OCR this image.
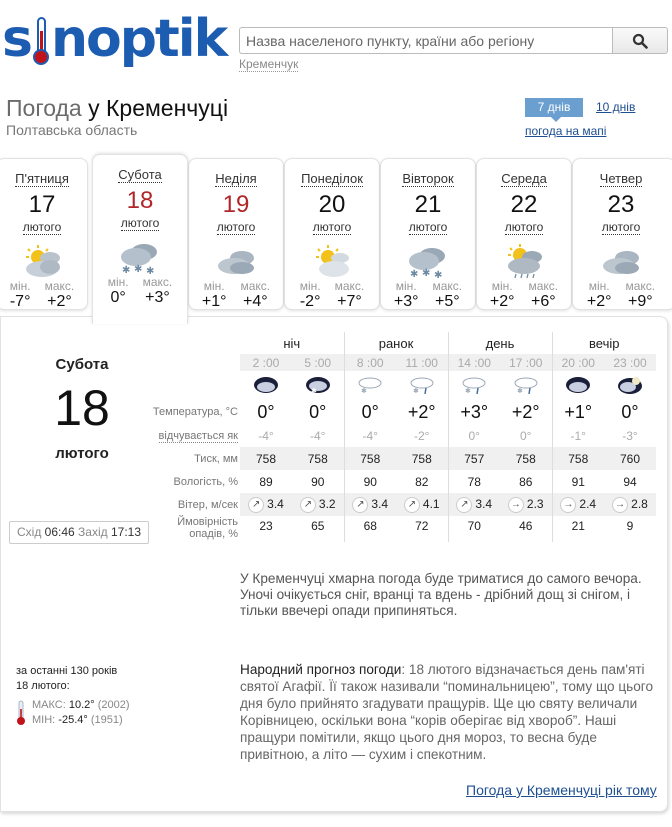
s noptik
Назва населеного пункту, країни або регіону Кременчук
Погода у Кременчуці
Полтавська область
7 днів	10 днів
погода на мапі
П'ятниця
17
лютого
мін.
-7°
макс.
+2°
Субота
18
лютого
✱ ✱ ✱
мін.
0°
макс.
+3°
Неділя
19
лютого
мін.
+1°
макс.
+4°
Понеділок
20
лютого
мін.
-2°
макс.
+7°
Вівторок
21
лютого
✱ ✱ ✱
мін.
+3°
макс.
+5°
Середа
22
лютого
мін.
+2°
макс.
+6°
Четвер
23
лютого
мін.
+2°
макс.
+9°
Субота
18
лютого
Схід 06:46 Захід 17:13
	ніч		ранок		день		вечір	
	2 :00	5 :00	8 :00	11 :00	14 :00	17 :00	20 :00	23 :00

✱	✱	✱	✱	✱

Температура, °C	0°	0°	0°	+2°	+3°	+2°	+1°	0°
відчувається як	-4°	-4°	-4°	-2°	0°	0°	-1°	-3°
Тиск, мм	758	758	758	758	757	758	758	760
Вологість, %	89	90	90	82	78	86	91	94
Вітер, м/сек	↗ 3.4	↗ 3.2	↗ 3.4	↗ 4.1	↗ 3.4	→ 2.3	→ 2.4	→ 2.8
Ймовірність
опадів, %	23	65	68	72	70	46	21	9
У Кременчуці хмарна погода буде триматися до самого вечора. Уночі очікується сніг, вранці та вдень - дрібний дощ зі снігом, і тільки ввечері опади припиняться.
за останні 130 років
18 лютого:
МАКС: 10.2° (2002)
МІН: -25.4° (1951)
Народний прогноз погоди: 18 лютого відзначається день пам'яті святої Агафії. Її також називали “поминальницею”, тому що цього дня було прийнято згадувати пращурів. Ще цю святу величали Корівницею, оскільки вона “корів оберігає від хвороб”. Наші пращури помітили, якщо цього дня мороз, то весна буде привітною, а літо — сухим і спекотним.
Погода у Кременчуці рік тому
